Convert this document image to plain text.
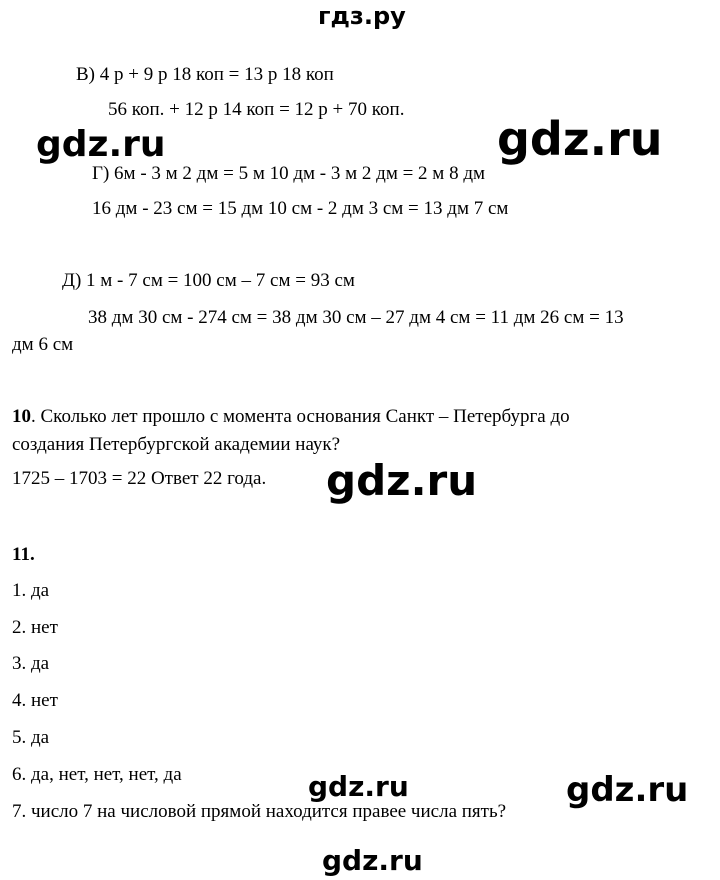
гдз.ру
В) 4 р + 9 р 18 коп = 13 р 18 коп
56 коп. + 12 р 14 коп = 12 р + 70 коп.
gdz.ru	gdz.ru
Г) 6м - 3 м 2 дм = 5 м 10 дм - 3 м 2 дм = 2 м 8 дм
16 дм - 23 см = 15 дм 10 см - 2 дм 3 см = 13 дм 7 см
Д) 1 м - 7 см = 100 см – 7 см = 93 см
38 дм 30 см - 274 см = 38 дм 30 см – 27 дм 4 см = 11 дм 26 см = 13
дм 6 см
10. Сколько лет прошло с момента основания Санкт – Петербурга до
создания Петербургской академии наук?
1725 – 1703 = 22 Ответ 22 года. gdz.ru
11.
1. да
2. нет
3. да
4. нет
5. да
6. да, нет, нет, нет, да	gdz.ru	gdz.ru
7. число 7 на числовой прямой находится правее числа пять?
gdz.ru
